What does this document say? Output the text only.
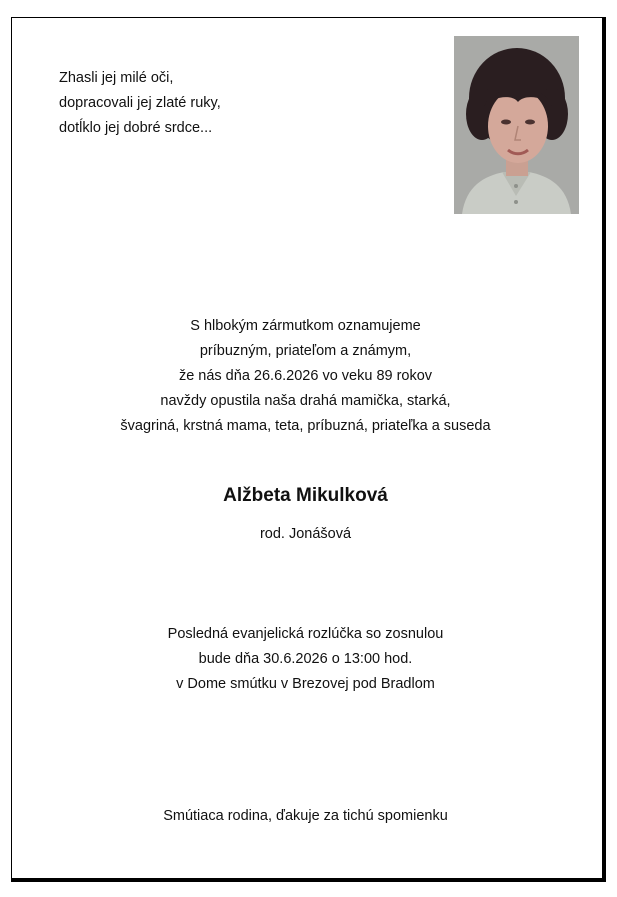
Zhasli jej milé oči,
dopracovali jej zlaté ruky,
dotĺklo jej dobré srdce...
S hlbokým zármutkom oznamujeme
príbuzným, priateľom a známym,
že nás dňa 26.6.2026 vo veku 89 rokov
navždy opustila naša drahá mamička, starká,
švagriná, krstná mama, teta, príbuzná, priateľka a suseda
Alžbeta Mikulková
rod. Jonášová
Posledná evanjelická rozlúčka so zosnulou
bude dňa 30.6.2026 o 13:00 hod.
v Dome smútku v Brezovej pod Bradlom
Smútiaca rodina, ďakuje za tichú spomienku
